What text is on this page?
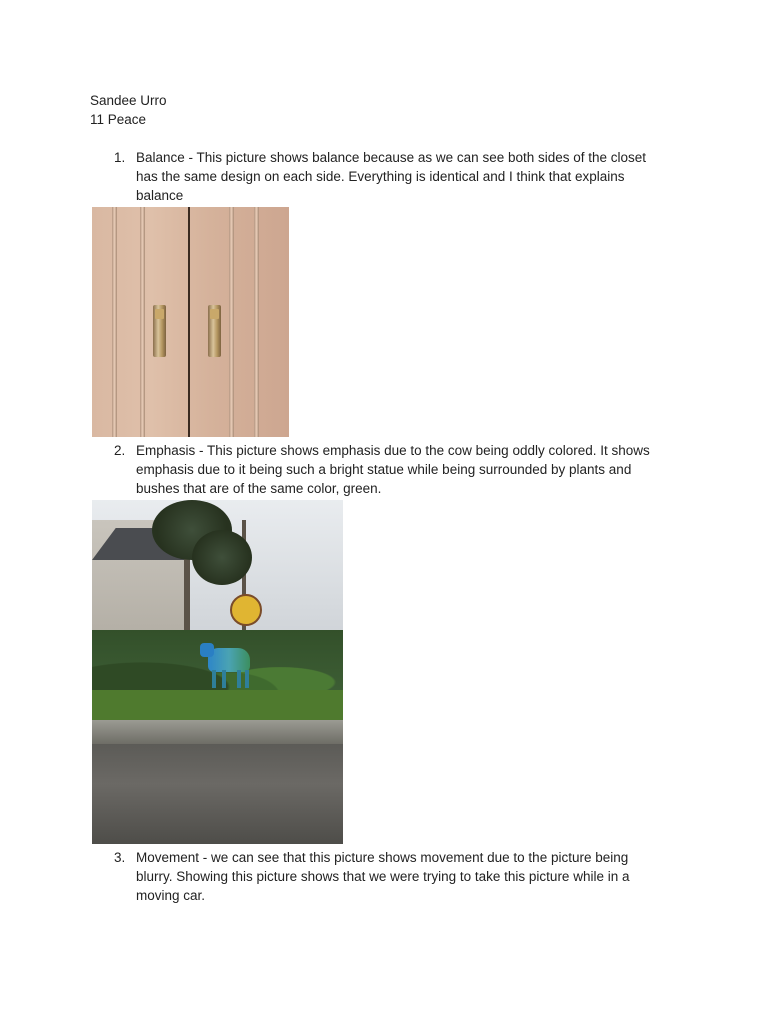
Sandee Urro
11 Peace
1. Balance - This picture shows balance because as we can see both sides of the closet
has the same design on each side. Everything is identical and I think that explains
balance
2. Emphasis - This picture shows emphasis due to the cow being oddly colored. It shows
emphasis due to it being such a bright statue while being surrounded by plants and
bushes that are of the same color, green.
3. Movement - we can see that this picture shows movement due to the picture being
blurry. Showing this picture shows that we were trying to take this picture while in a
moving car.
